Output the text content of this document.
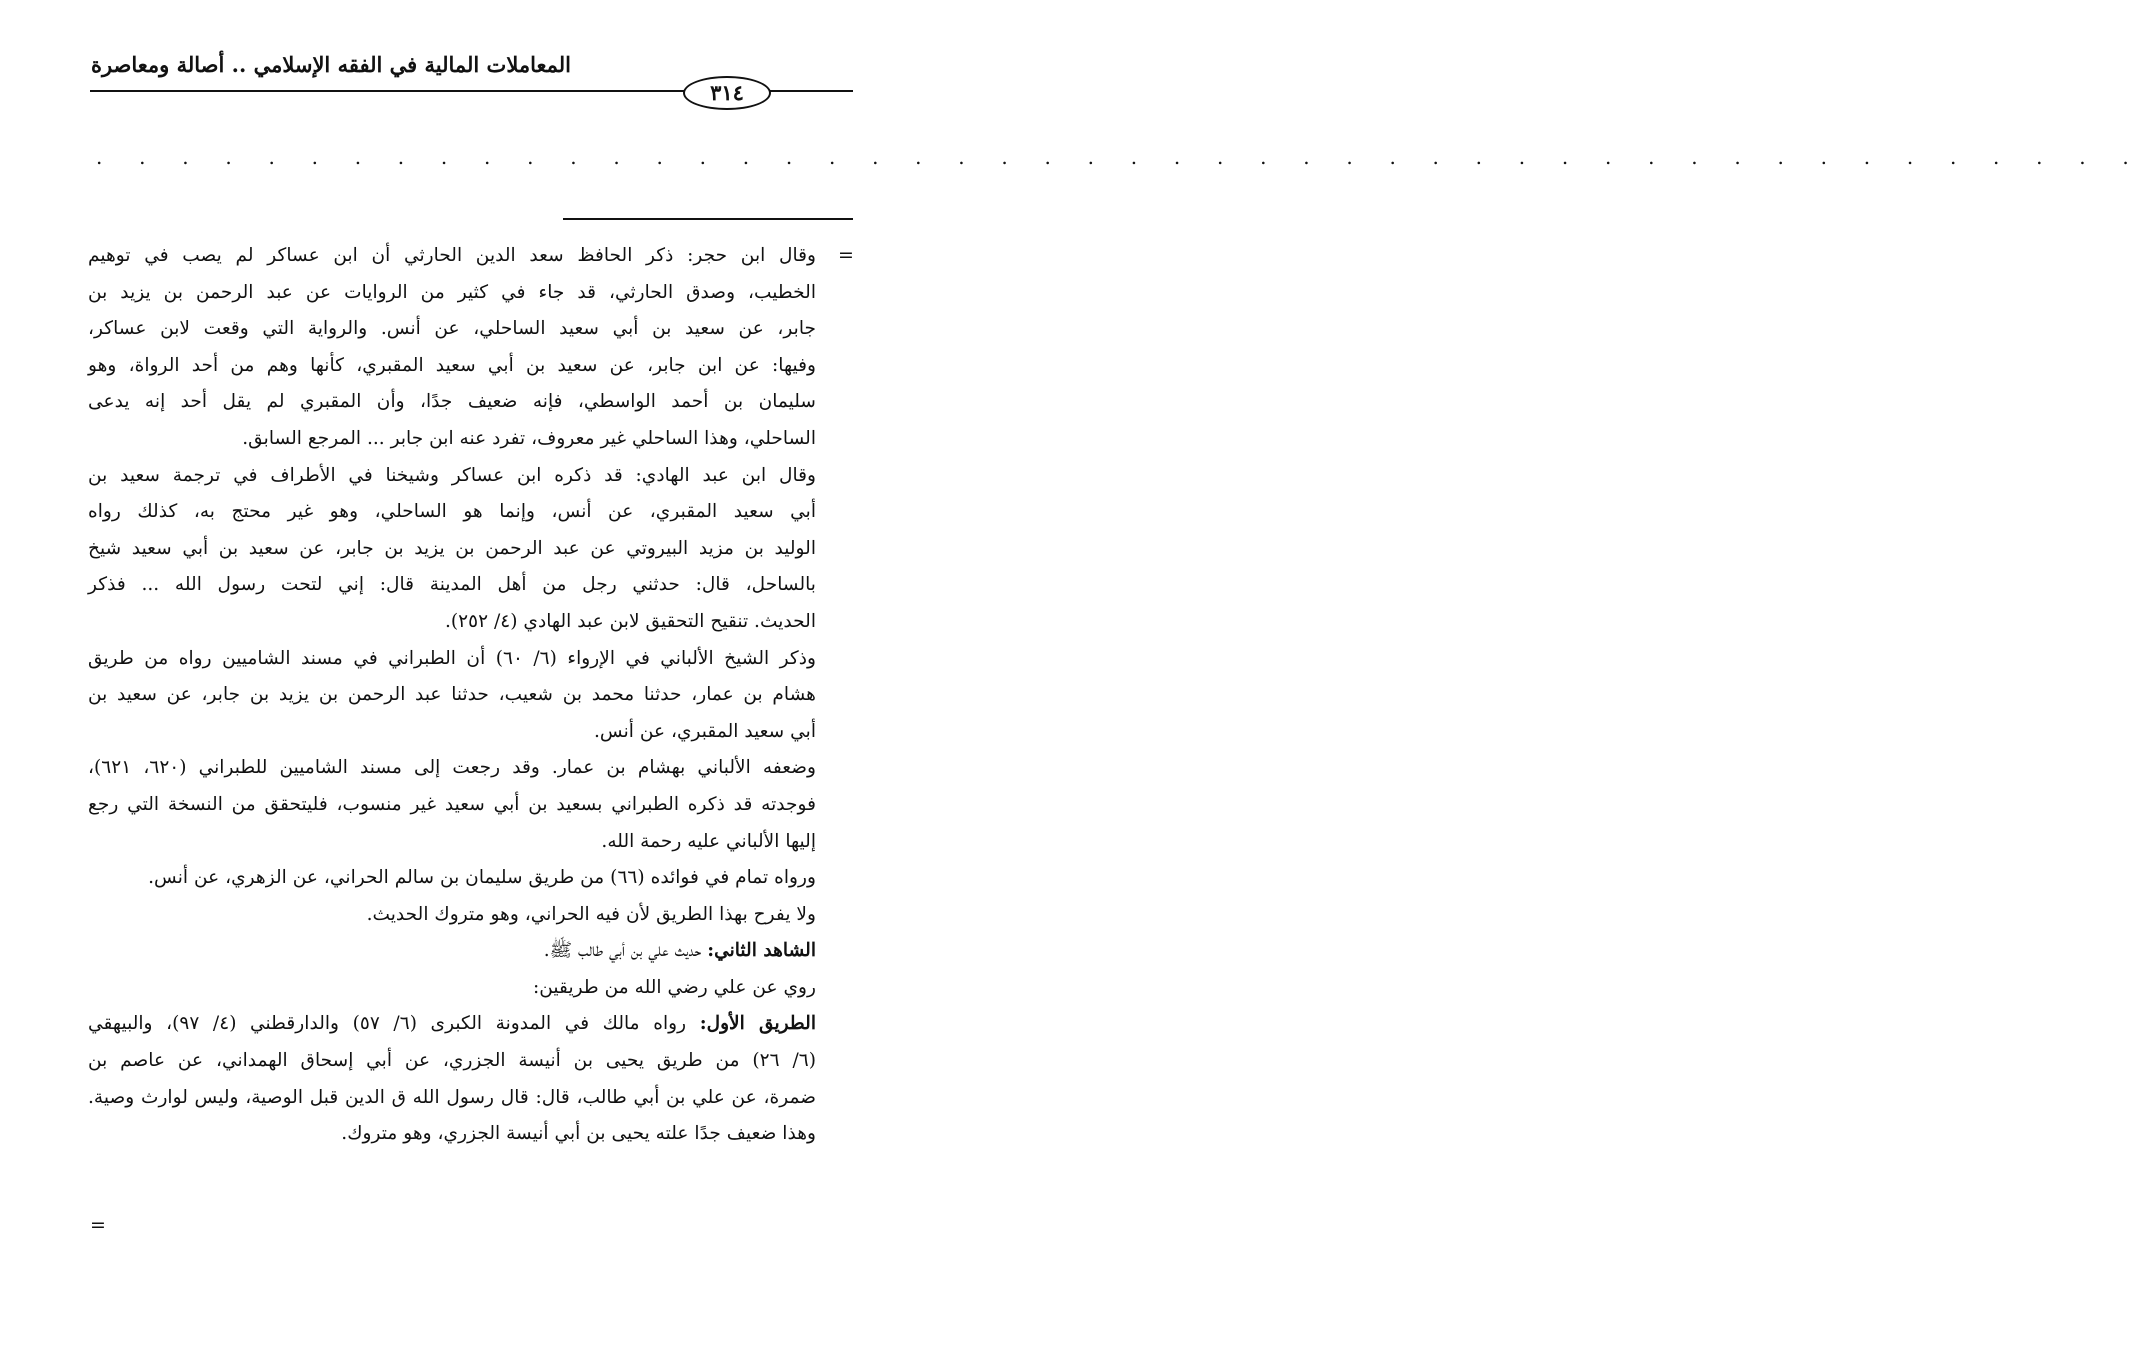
المعاملات المالية في الفقه الإسلامي .. أصالة ومعاصرة
٣١٤
. . . . . . . . . . . . . . . . . . . . . . . . . . . . . . . . . . . . . . . . . . . . . . . .
=
وقال ابن حجر: ذكر الحافظ سعد الدين الحارثي أن ابن عساكر لم يصب في توهيم
الخطيب، وصدق الحارثي، قد جاء في كثير من الروايات عن عبد الرحمن بن يزيد بن
جابر، عن سعيد بن أبي سعيد الساحلي، عن أنس. والرواية التي وقعت لابن عساكر،
وفيها: عن ابن جابر، عن سعيد بن أبي سعيد المقبري، كأنها وهم من أحد الرواة، وهو
سليمان بن أحمد الواسطي، فإنه ضعيف جدًا، وأن المقبري لم يقل أحد إنه يدعى
الساحلي، وهذا الساحلي غير معروف، تفرد عنه ابن جابر ... المرجع السابق.
وقال ابن عبد الهادي: قد ذكره ابن عساكر وشيخنا في الأطراف في ترجمة سعيد بن
أبي سعيد المقبري، عن أنس، وإنما هو الساحلي، وهو غير محتج به، كذلك رواه
الوليد بن مزيد البيروتي عن عبد الرحمن بن يزيد بن جابر، عن سعيد بن أبي سعيد شيخ
بالساحل، قال: حدثني رجل من أهل المدينة قال: إني لتحت رسول الله ... فذكر
الحديث. تنقيح التحقيق لابن عبد الهادي (٤/ ٢٥٢).
وذكر الشيخ الألباني في الإرواء (٦/ ٦٠) أن الطبراني في مسند الشاميين رواه من طريق
هشام بن عمار، حدثنا محمد بن شعيب، حدثنا عبد الرحمن بن يزيد بن جابر، عن سعيد بن
أبي سعيد المقبري، عن أنس.
وضعفه الألباني بهشام بن عمار. وقد رجعت إلى مسند الشاميين للطبراني (٦٢٠، ٦٢١)،
فوجدته قد ذكره الطبراني بسعيد بن أبي سعيد غير منسوب، فليتحقق من النسخة التي رجع
إليها الألباني عليه رحمة الله.
ورواه تمام في فوائده (٦٦) من طريق سليمان بن سالم الحراني، عن الزهري، عن أنس.
ولا يفرح بهذا الطريق لأن فيه الحراني، وهو متروك الحديث.
الشاهد الثاني: حديث علي بن أبي طالب ﷺ.
روي عن علي رضي الله من طريقين:
الطريق الأول: رواه مالك في المدونة الكبرى (٦/ ٥٧) والدارقطني (٤/ ٩٧)، والبيهقي
(٦/ ٢٦) من طريق يحيى بن أنيسة الجزري، عن أبي إسحاق الهمداني، عن عاصم بن
ضمرة، عن علي بن أبي طالب، قال: قال رسول الله ق الدين قبل الوصية، وليس لوارث وصية.
وهذا ضعيف جدًا علته يحيى بن أبي أنيسة الجزري، وهو متروك.
=
